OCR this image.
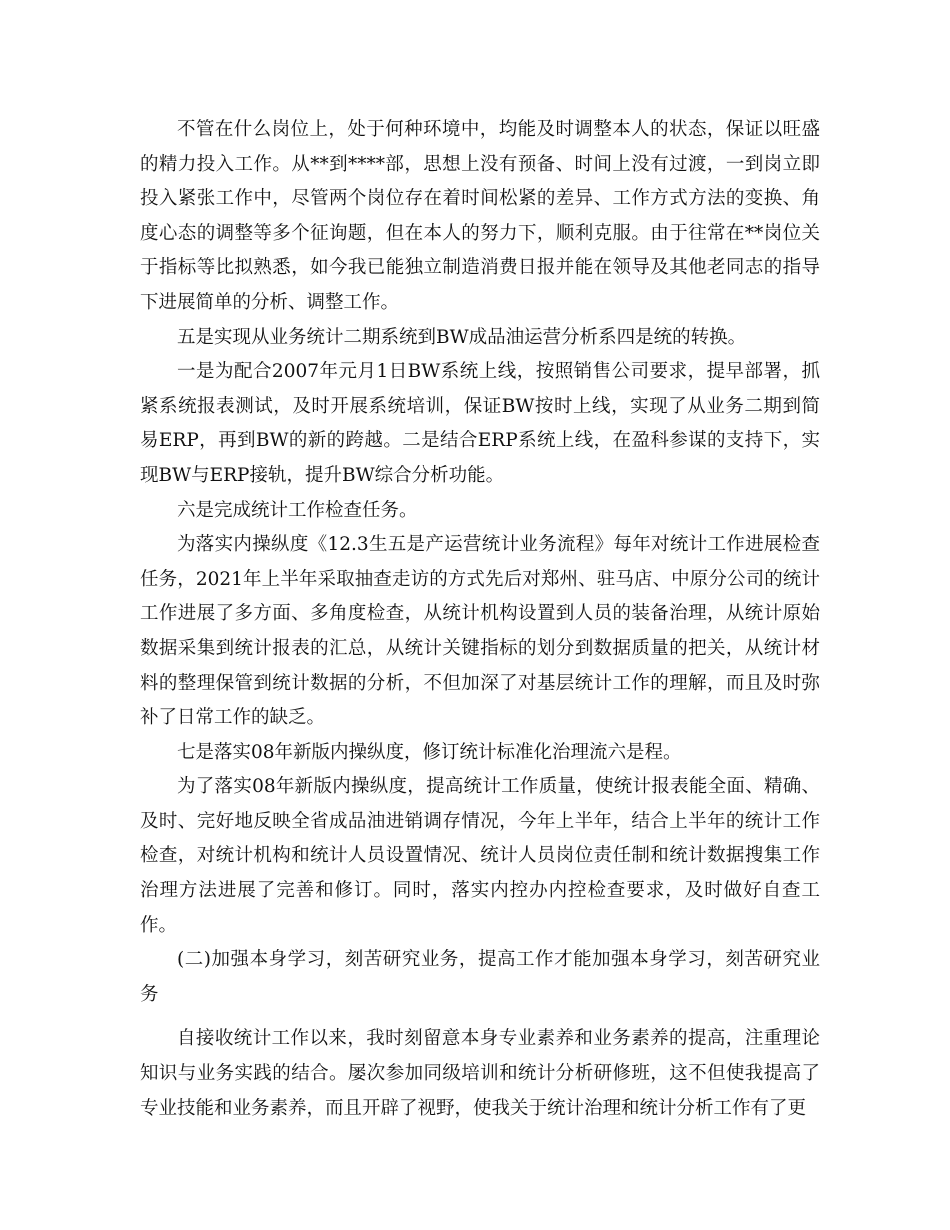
不管在什么岗位上，处于何种环境中，均能及时调整本人的状态，保证以旺盛的精力投入工作。从**到****部，思想上没有预备、时间上没有过渡，一到岗立即投入紧张工作中，尽管两个岗位存在着时间松紧的差异、工作方式方法的变换、角度心态的调整等多个征询题，但在本人的努力下，顺利克服。由于往常在**岗位关于指标等比拟熟悉，如今我已能独立制造消费日报并能在领导及其他老同志的指导下进展简单的分析、调整工作。

五是实现从业务统计二期系统到BW成品油运营分析系四是统的转换。

一是为配合2007年元月1日BW系统上线，按照销售公司要求，提早部署，抓紧系统报表测试，及时开展系统培训，保证BW按时上线，实现了从业务二期到简易ERP，再到BW的新的跨越。二是结合ERP系统上线，在盈科参谋的支持下，实现BW与ERP接轨，提升BW综合分析功能。

六是完成统计工作检查任务。

为落实内操纵度《12.3生五是产运营统计业务流程》每年对统计工作进展检查任务，2021年上半年采取抽查走访的方式先后对郑州、驻马店、中原分公司的统计工作进展了多方面、多角度检查，从统计机构设置到人员的装备治理，从统计原始数据采集到统计报表的汇总，从统计关键指标的划分到数据质量的把关，从统计材料的整理保管到统计数据的分析，不但加深了对基层统计工作的理解，而且及时弥补了日常工作的缺乏。

七是落实08年新版内操纵度，修订统计标准化治理流六是程。

为了落实08年新版内操纵度，提高统计工作质量，使统计报表能全面、精确、及时、完好地反映全省成品油进销调存情况，今年上半年，结合上半年的统计工作检查，对统计机构和统计人员设置情况、统计人员岗位责任制和统计数据搜集工作治理方法进展了完善和修订。同时，落实内控办内控检查要求，及时做好自查工作。

(二)加强本身学习，刻苦研究业务，提高工作才能加强本身学习，刻苦研究业务

自接收统计工作以来，我时刻留意本身专业素养和业务素养的提高，注重理论知识与业务实践的结合。屡次参加同级培训和统计分析研修班，这不但使我提高了专业技能和业务素养，而且开辟了视野，使我关于统计治理和统计分析工作有了更
